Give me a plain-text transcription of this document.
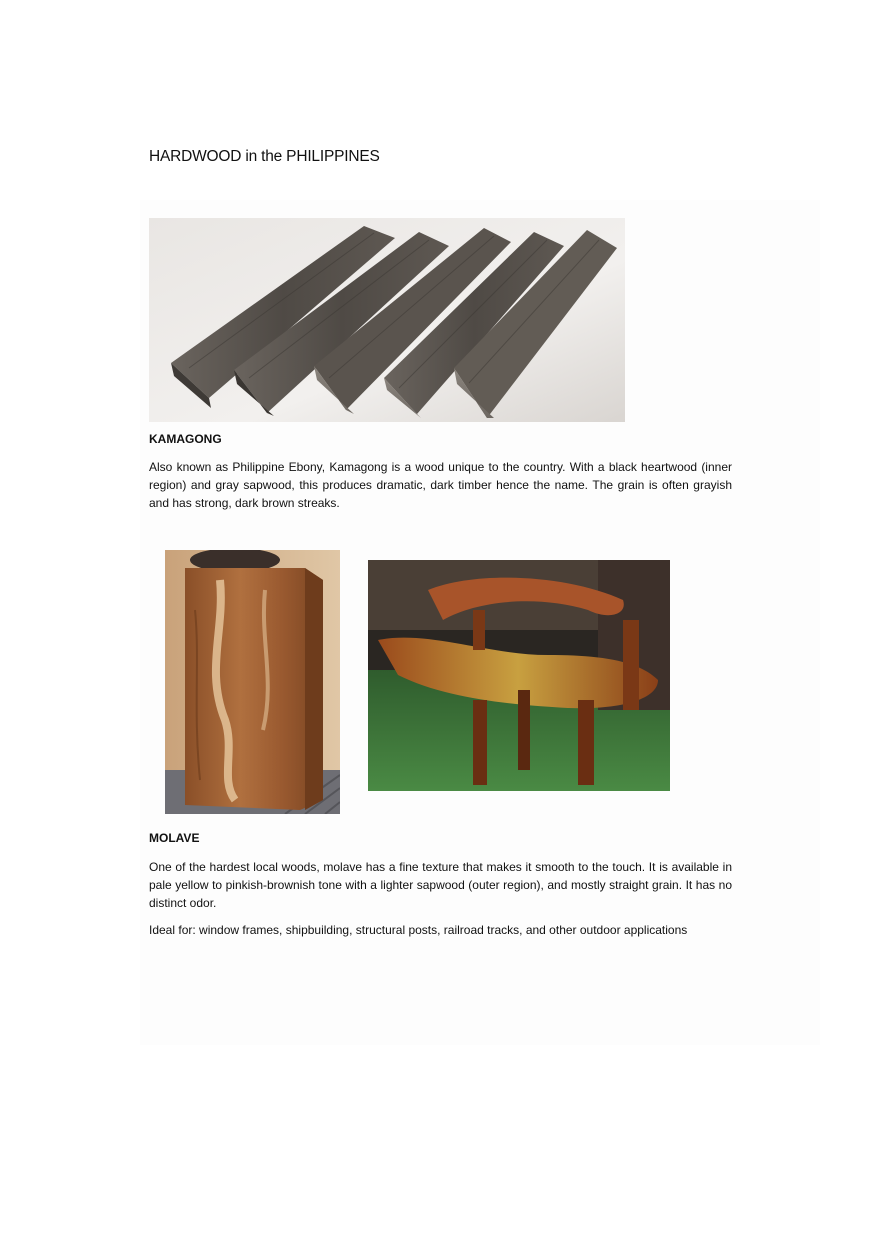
HARDWOOD in the PHILIPPINES
KAMAGONG
Also known as Philippine Ebony, Kamagong is a wood unique to the country. With a black heartwood (inner region) and gray sapwood, this produces dramatic, dark timber hence the name. The grain is often grayish and has strong, dark brown streaks.
MOLAVE
One of the hardest local woods, molave has a fine texture that makes it smooth to the touch. It is available in pale yellow to pinkish-brownish tone with a lighter sapwood (outer region), and mostly straight grain. It has no distinct odor.
Ideal for: window frames, shipbuilding, structural posts, railroad tracks, and other outdoor applications
